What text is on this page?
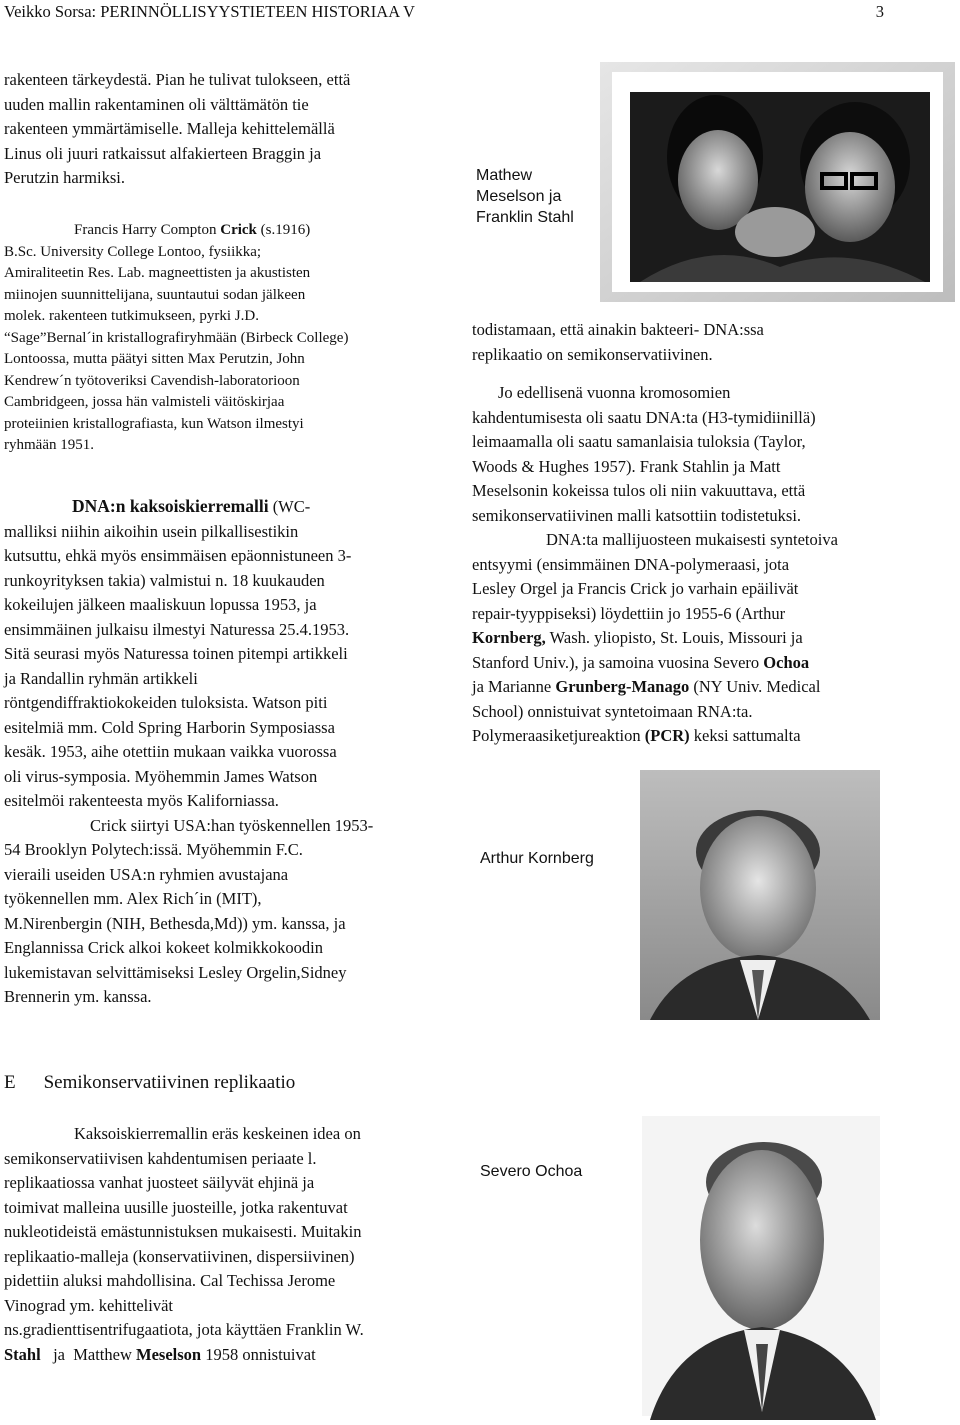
Veikko Sorsa: PERINNÖLLISYYSTIETEEN HISTORIAA V	3

rakenteen tärkeydestä. Pian he tulivat tulokseen, että

uuden mallin rakentaminen oli välttämätön tie

rakenteen ymmärtämiselle. Malleja kehittelemällä

Linus oli juuri ratkaissut alfakierteen Braggin ja

Perutzin harmiksi.

Francis Harry Compton Crick (s.1916)

B.Sc. University College Lontoo, fysiikka;

Amiraliteetin Res. Lab. magneettisten ja akustisten

miinojen suunnittelijana, suuntautui sodan jälkeen

molek. rakenteen tutkimukseen, pyrki J.D.

“Sage”Bernal´in kristallografiryhmään (Birbeck College)

Lontoossa, mutta päätyi sitten Max Perutzin, John

Kendrew´n työtoveriksi Cavendish-laboratorioon

Cambridgeen, jossa hän valmisteli väitöskirjaa

proteiinien kristallografiasta, kun Watson ilmestyi

ryhmään 1951.

DNA:n kaksoiskierremalli (WC-

malliksi niihin aikoihin usein pilkallisestikin

kutsuttu, ehkä myös ensimmäisen epäonnistuneen 3-

runkoyrityksen takia) valmistui n. 18 kuukauden

kokeilujen jälkeen maaliskuun lopussa 1953, ja

ensimmäinen julkaisu ilmestyi Naturessa 25.4.1953.

Sitä seurasi myös Naturessa toinen pitempi artikkeli

ja Randallin ryhmän artikkeli

röntgendiffraktiokokeiden tuloksista. Watson piti

esitelmiä mm. Cold Spring Harborin Symposiassa

kesäk. 1953, aihe otettiin mukaan vaikka vuorossa

oli virus-symposia. Myöhemmin James Watson

esitelmöi rakenteesta myös Kaliforniassa.

Crick siirtyi USA:han työskennellen 1953-

54 Brooklyn Polytech:issä. Myöhemmin F.C.

vieraili useiden USA:n ryhmien avustajana

työkennellen mm. Alex Rich´in (MIT),

M.Nirenbergin (NIH, Bethesda,Md)) ym. kanssa, ja

Englannissa Crick alkoi kokeet kolmikkokoodin

lukemistavan selvittämiseksi Lesley Orgelin,Sidney

Brennerin ym. kanssa.

Mathew
Meselson ja
Franklin Stahl

todistamaan, että ainakin bakteeri- DNA:ssa

replikaatio on semikonservatiivinen.

Jo edellisenä vuonna kromosomien

kahdentumisesta oli saatu DNA:ta (H3-tymidiinillä)

leimaamalla oli saatu samanlaisia tuloksia (Taylor,

Woods & Hughes 1957). Frank Stahlin ja Matt

Meselsonin kokeissa tulos oli niin vakuuttava, että

semikonservatiivinen malli katsottiin todistetuksi.

DNA:ta mallijuosteen mukaisesti syntetoiva

entsyymi (ensimmäinen DNA-polymeraasi, jota

Lesley Orgel ja Francis Crick jo varhain epäilivät

repair-tyyppiseksi) löydettiin jo 1955-6 (Arthur

Kornberg, Wash. yliopisto, St. Louis, Missouri ja

Stanford Univ.), ja samoina vuosina Severo Ochoa

ja Marianne Grunberg-Manago (NY Univ. Medical

School) onnistuivat syntetoimaan RNA:ta.

Polymeraasiketjureaktion (PCR) keksi sattumalta

Arthur Kornberg
E Semikonservatiivinen replikaatio

Kaksoiskierremallin eräs keskeinen idea on

semikonservatiivisen kahdentumisen periaate l.

replikaatiossa vanhat juosteet säilyvät ehjinä ja

toimivat malleina uusille juosteille, jotka rakentuvat

nukleotideistä emästunnistuksen mukaisesti. Muitakin

replikaatio-malleja (konservatiivinen, dispersiivinen)

pidettiin aluksi mahdollisina. Cal Techissa Jerome

Vinograd ym. kehittelivät

ns.gradienttisentrifugaatiota, jota käyttäen Franklin W.

Stahl   ja  Matthew Meselson 1958 onnistuivat

Severo Ochoa
